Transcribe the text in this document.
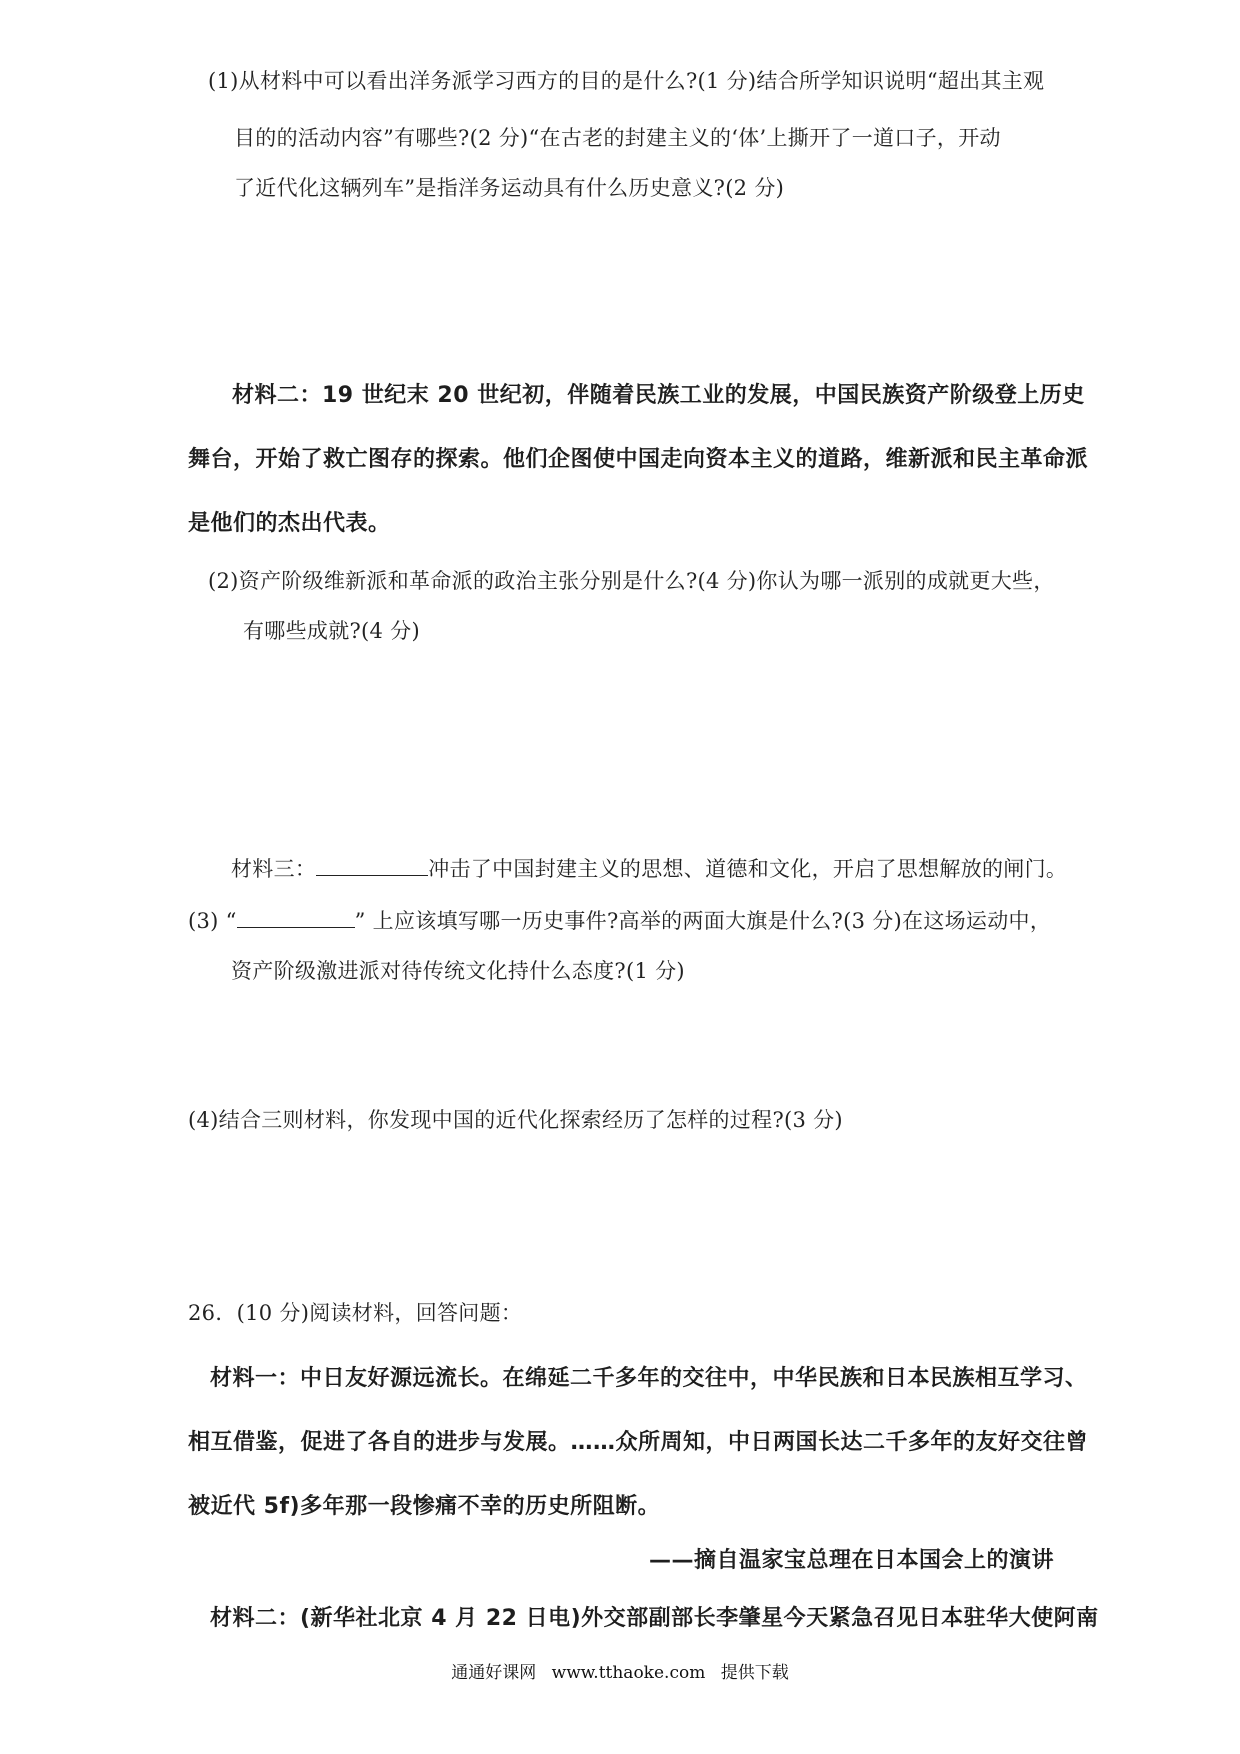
(1)从材料中可以看出洋务派学习西方的目的是什么?(1 分)结合所学知识说明“超出其主观
目的的活动内容”有哪些?(2 分)“在古老的封建主义的‘体’上撕开了一道口子，开动
了近代化这辆列车”是指洋务运动具有什么历史意义?(2 分)
材料二：19 世纪末 20 世纪初，伴随着民族工业的发展，中国民族资产阶级登上历史
舞台，开始了救亡图存的探索。他们企图使中国走向资本主义的道路，维新派和民主革命派
是他们的杰出代表。
(2)资产阶级维新派和革命派的政治主张分别是什么?(4 分)你认为哪一派别的成就更大些，
有哪些成就?(4 分)
材料三：	冲击了中国封建主义的思想、道德和文化，开启了思想解放的闸门。
(3) “	” 上应该填写哪一历史事件?高举的两面大旗是什么?(3 分)在这场运动中，
资产阶级激进派对待传统文化持什么态度?(1 分)
(4)结合三则材料，你发现中国的近代化探索经历了怎样的过程?(3 分)
26．(10 分)阅读材料，回答问题：
材料一：中日友好源远流长。在绵延二千多年的交往中，中华民族和日本民族相互学习、
相互借鉴，促进了各自的进步与发展。……众所周知，中日两国长达二千多年的友好交往曾
被近代 5f)多年那一段惨痛不幸的历史所阻断。
——摘自温家宝总理在日本国会上的演讲
材料二：(新华社北京 4 月 22 日电)外交部副部长李肇星今天紧急召见日本驻华大使阿南
通通好课网 www.tthaoke.com 提供下载
